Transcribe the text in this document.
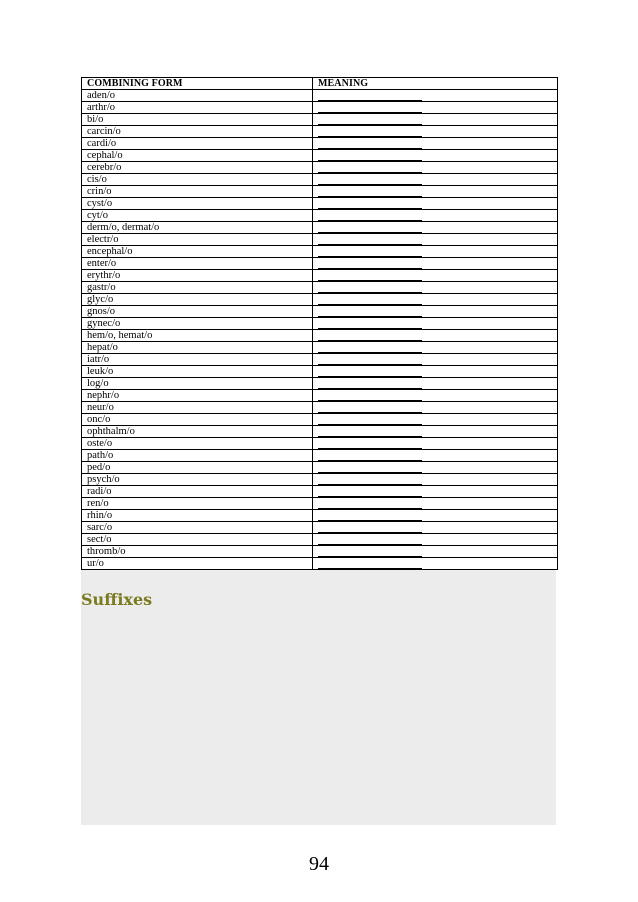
COMBINING FORM	MEANING
aden/o	
arthr/o	
bi/o	
carcin/o	
cardi/o	
cephal/o	
cerebr/o	
cis/o	
crin/o	
cyst/o	
cyt/o	
derm/o, dermat/o	
electr/o	
encephal/o	
enter/o	
erythr/o	
gastr/o	
glyc/o	
gnos/o	
gynec/o	
hem/o, hemat/o	
hepat/o	
iatr/o	
leuk/o	
log/o	
nephr/o	
neur/o	
onc/o	
ophthalm/o	
oste/o	
path/o	
ped/o	
psych/o	
radi/o	
ren/o	
rhin/o	
sarc/o	
sect/o	
thromb/o	
ur/o	
Suffixes
94
